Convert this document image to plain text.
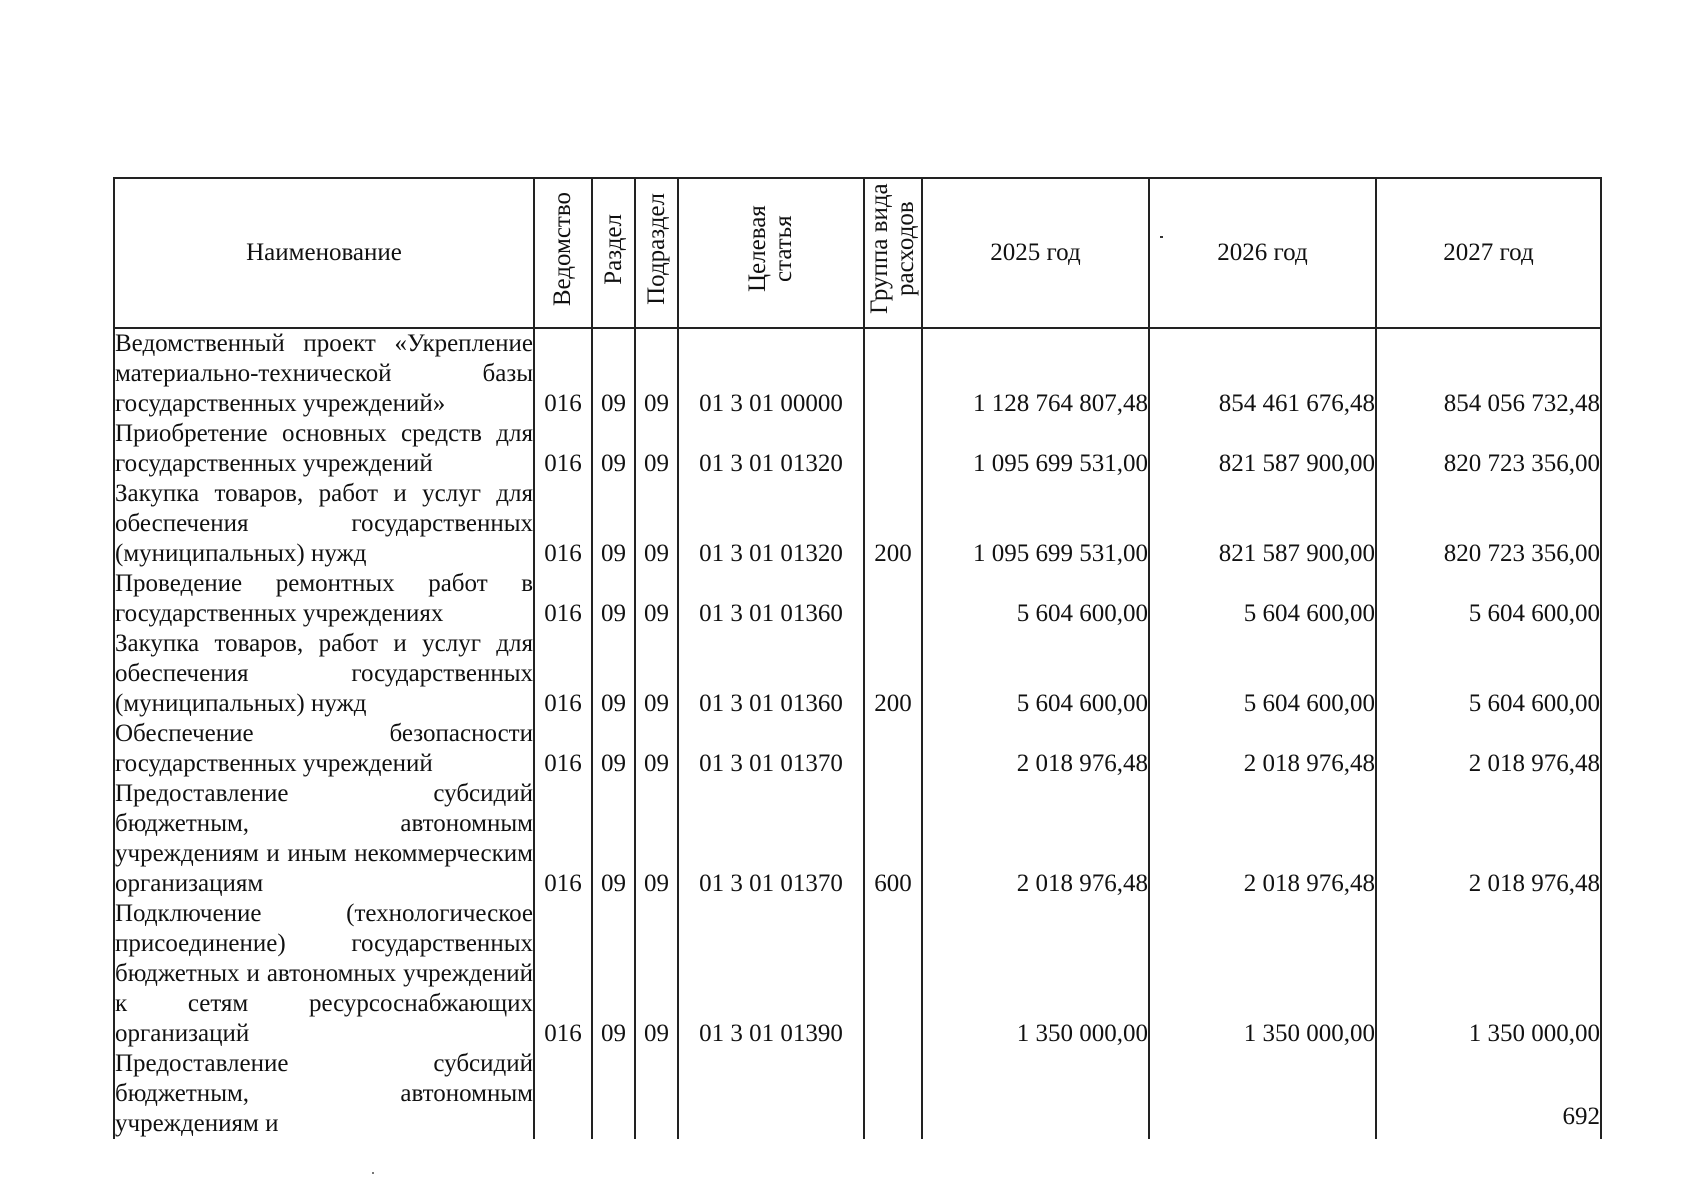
Наименование	Ведомство	Раздел	Подраздел	Целевая статья	Группа вида расходов	2025 год	2026 год	2027 год
Ведомственный проект «Укрепление материально-технической базы государственных учреждений»	016	09	09	01 3 01 00000		1 128 764 807,48	854 461 676,48	854 056 732,48
Приобретение основных средств для государственных учреждений	016	09	09	01 3 01 01320		1 095 699 531,00	821 587 900,00	820 723 356,00
Закупка товаров, работ и услуг для обеспечения государственных (муниципальных) нужд	016	09	09	01 3 01 01320	200	1 095 699 531,00	821 587 900,00	820 723 356,00
Проведение ремонтных работ в государственных учреждениях	016	09	09	01 3 01 01360		5 604 600,00	5 604 600,00	5 604 600,00
Закупка товаров, работ и услуг для обеспечения государственных (муниципальных) нужд	016	09	09	01 3 01 01360	200	5 604 600,00	5 604 600,00	5 604 600,00
Обеспечение безопасности государственных учреждений	016	09	09	01 3 01 01370		2 018 976,48	2 018 976,48	2 018 976,48
Предоставление субсидий бюджетным, автономным учреждениям и иным некоммерческим организациям	016	09	09	01 3 01 01370	600	2 018 976,48	2 018 976,48	2 018 976,48
Подключение (технологическое присоединение) государственных бюджетных и автономных учреждений к сетям ресурсоснабжающих организаций	016	09	09	01 3 01 01390		1 350 000,00	1 350 000,00	1 350 000,00
Предоставление субсидий бюджетным, автономным учреждениям и									692
